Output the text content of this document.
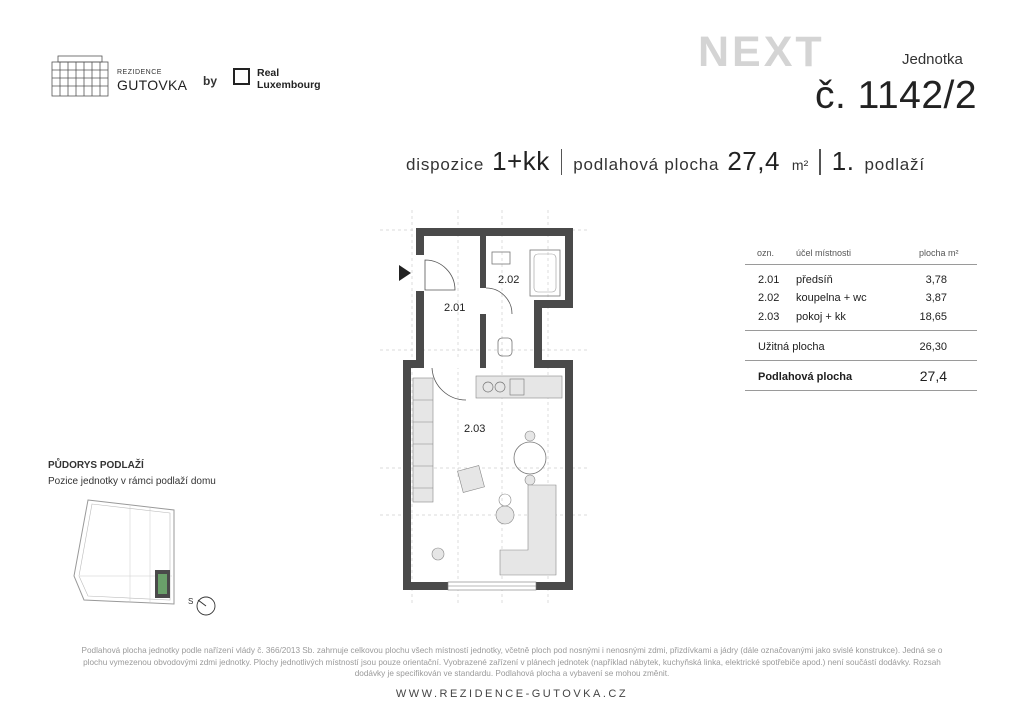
REZIDENCE
GUTOVKA by
Real
Luxembourg
NEXT	Jednotka
č. 1142/2
dispozice 1+kk podlahová plocha 27,4 m² 1. podlaží
2.01
2.02
2.03
ozn. účel místnosti	plocha m²
2.01 předsíň	3,78
2.02 koupelna + wc	3,87
2.03 pokoj + kk	18,65
Užitná plocha	26,30
Podlahová plocha	27,4
PŮDORYS PODLAŽÍ
Pozice jednotky v rámci podlaží domu
S
Podlahová plocha jednotky podle nařízení vlády č. 366/2013 Sb. zahrnuje celkovou plochu všech místností jednotky, včetně ploch pod nosnými i nenosnými zdmi, přizdívkami a jádry (dále označovanými jako svislé konstrukce). Jedná se o
plochu vymezenou obvodovými zdmi jednotky. Plochy jednotlivých místností jsou pouze orientační. Vyobrazené zařízení v plánech jednotek (například nábytek, kuchyňská linka, elektrické spotřebiče apod.) není součástí dodávky. Rozsah
dodávky je specifikován ve standardu. Podlahová plocha a vybavení se mohou změnit.
WWW.REZIDENCE-GUTOVKA.CZ
